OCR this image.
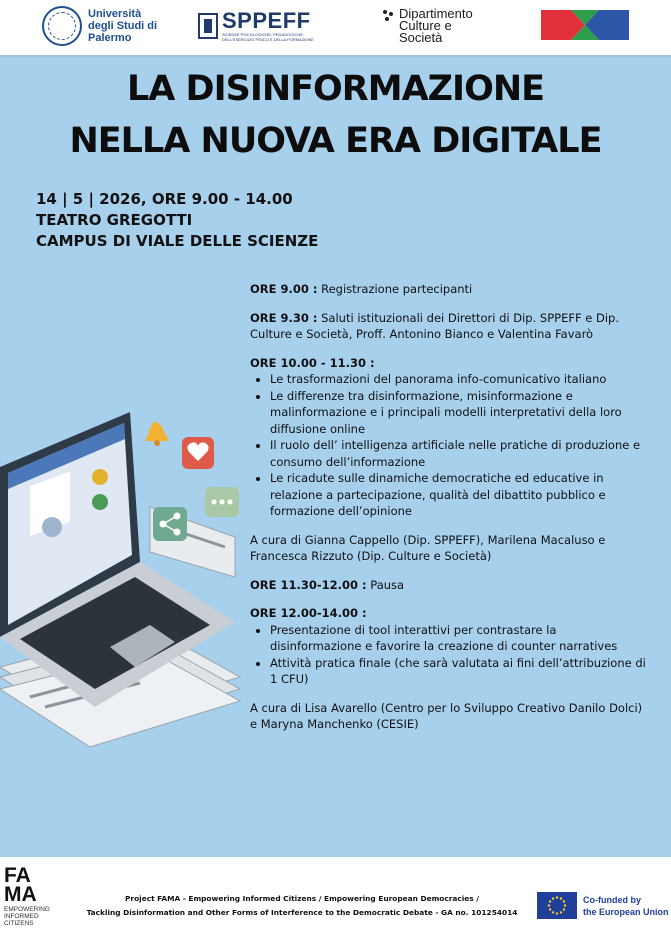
Università degli Studi di Palermo
SPPEFF
SCIENZE PSICOLOGICHE, PEDAGOGICHE, DELL'ESERCIZIO FISICO E DELLA FORMAZIONE
Dipartimento
Culture e
Società
LA DISINFORMAZIONE
NELLA NUOVA ERA DIGITALE
14 | 5 | 2026, ORE 9.00 - 14.00
TEATRO GREGOTTI
CAMPUS DI VIALE DELLE SCIENZE

ORE 9.00 : Registrazione partecipanti

ORE 9.30 : Saluti istituzionali dei Direttori di Dip. SPPEFF e Dip. Culture e Società, Proff. Antonino Bianco e Valentina Favarò

ORE 10.00 - 11.30 :

• Le trasformazioni del panorama info-comunicativo italiano
• Le differenze tra disinformazione, misinformazione e malinformazione e i principali modelli interpretativi della loro diffusione online
• Il ruolo dell’ intelligenza artificiale nelle pratiche di produzione e consumo dell’informazione
• Le ricadute sulle dinamiche democratiche ed educative in relazione a partecipazione, qualità del dibattito pubblico e formazione dell’opinione

A cura di Gianna Cappello (Dip. SPPEFF), Marilena Macaluso e Francesca Rizzuto (Dip. Culture e Società)

ORE 11.30-12.00 : Pausa

ORE 12.00-14.00 :

• Presentazione di tool interattivi per contrastare la disinformazione e favorire la creazione di counter narratives
• Attività pratica finale (che sarà valutata ai fini dell’attribuzione di 1 CFU)

A cura di Lisa Avarello (Centro per lo Sviluppo Creativo Danilo Dolci) e Maryna Manchenko (CESIE)

FA
MA
EMPOWERING INFORMED CITIZENS
Project FAMA - Empowering Informed Citizens / Empowering European Democracies /
Tackling Disinformation and Other Forms of Interference to the Democratic Debate - GA no. 101254014
Co-funded by
the European Union
